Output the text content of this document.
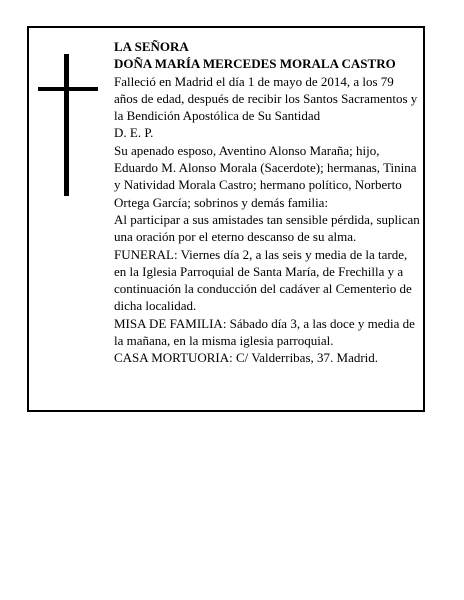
LA SEÑORA

DOÑA MARÍA MERCEDES MORALA CASTRO

Falleció en Madrid el día 1 de mayo de 2014, a los 79 años de edad, después de recibir los Santos Sacramentos y la Bendición Apostólica de Su Santidad

D. E. P.

Su apenado esposo, Aventino Alonso Maraña; hijo, Eduardo M. Alonso Morala (Sacerdote); hermanas, Tinina y Natividad Morala Castro; hermano político, Norberto Ortega García; sobrinos y demás familia:

Al participar a sus amistades tan sensible pérdida, suplican una oración por el eterno descanso de su alma.

FUNERAL: Viernes día 2, a las seis y media de la tarde, en la Iglesia Parroquial de Santa María, de Frechilla y a continuación la conducción del cadáver al Cementerio de dicha localidad.

MISA DE FAMILIA: Sábado día 3, a las doce y media de la mañana, en la misma iglesia parroquial.

CASA MORTUORIA: C/ Valderribas, 37. Madrid.
